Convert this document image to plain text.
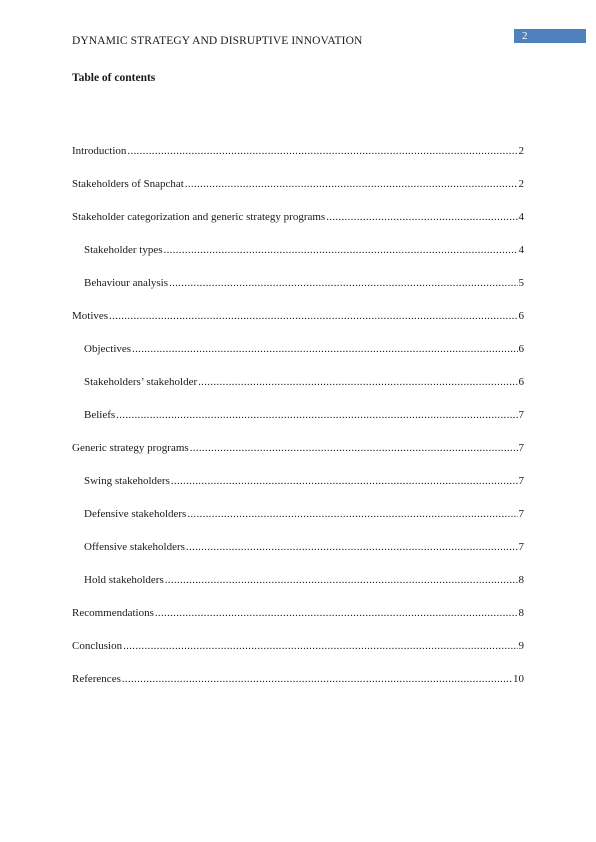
DYNAMIC STRATEGY AND DISRUPTIVE INNOVATION	2
Table of contents
Introduction .....	2
Stakeholders of Snapchat .....	2
Stakeholder categorization and generic strategy programs .....	4
Stakeholder types .....	4
Behaviour analysis .....	5
Motives .....	6
Objectives .....	6
Stakeholders’ stakeholder .....	6
Beliefs .....	7
Generic strategy programs .....	7
Swing stakeholders .....	7
Defensive stakeholders .....	7
Offensive stakeholders .....	7
Hold stakeholders .....	8
Recommendations .....	8
Conclusion .....	9
References .....	10
